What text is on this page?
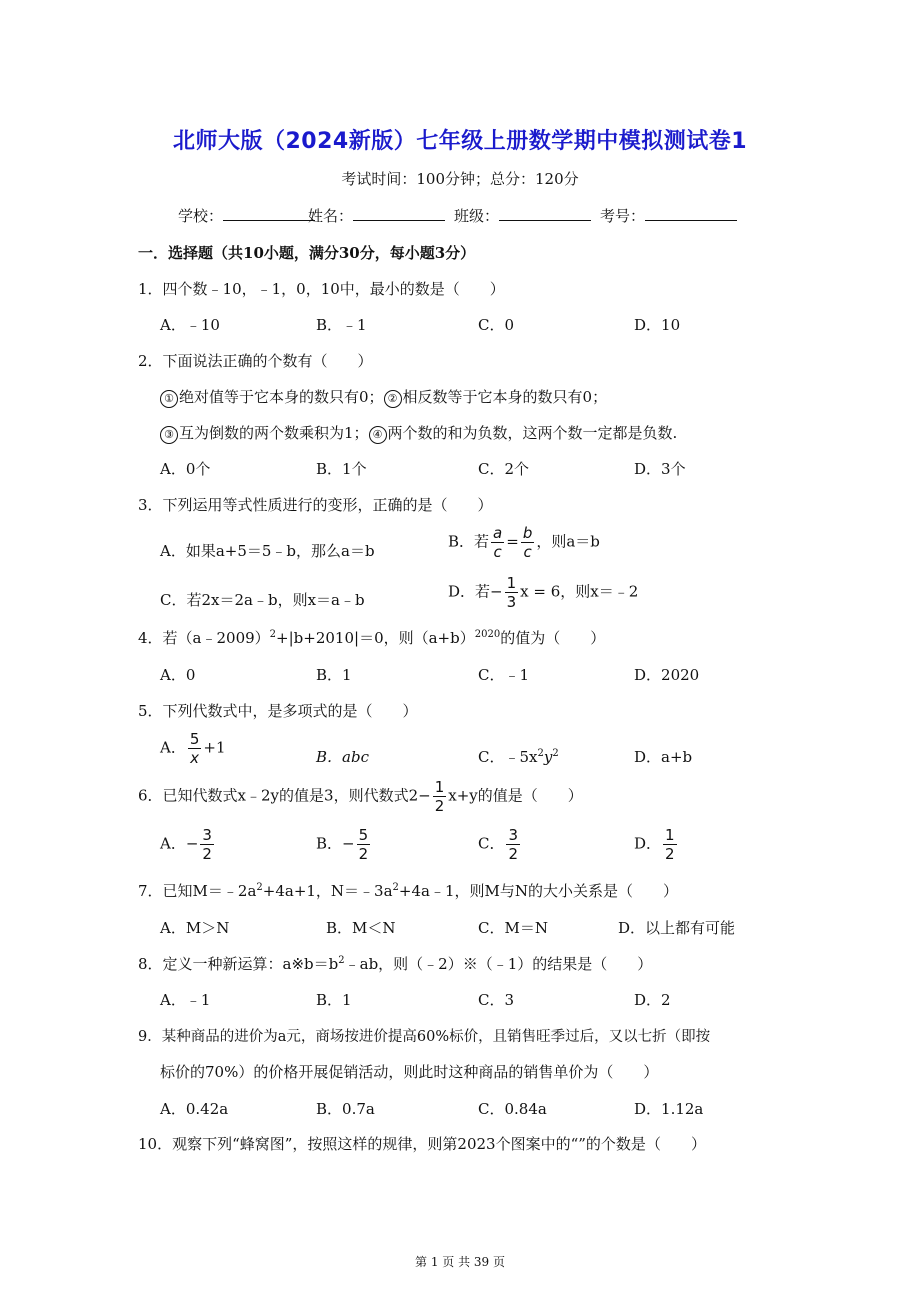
北师大版（2024新版）七年级上册数学期中模拟测试卷1
考试时间：100分钟；总分：120分
学校：	姓名：	班级：	考号：
一．选择题（共10小题，满分30分，每小题3分）
1．四个数﹣10，﹣1，0，10中，最小的数是（　　）
A．﹣10	B．﹣1	C．0	D．10
2．下面说法正确的个数有（　　）
① 绝对值等于它本身的数只有0； ② 相反数等于它本身的数只有0；
③ 互为倒数的两个数乘积为1； ④ 两个数的和为负数，这两个数一定都是负数.
A．0个	B．1个	C．2个	D．3个
3．下列运用等式性质进行的变形，正确的是（　　）
A．如果a+5＝5﹣b，那么a＝b
B．若 $\frac{a}{c} = \frac{b}{c}$ ，则a＝b
C．若2x＝2a﹣b，则x＝a﹣b	D．若− $\frac{1}{3}$ x = 6，则x＝﹣2
4．若（a﹣2009）$^2$+|b+2010|＝0，则$(a+b)^{2020}$的值为（　　）
A．0	B．1	C．﹣1	D．2020
5．下列代数式中，是多项式的是（　　）
A． $\frac{5}{x} +1$
B．abc	C．$﹣5x^2y^2$	D．a+b
6．已知代数式x﹣2y的值是3，则代数式$2- \frac{1}{2} x+y$的值是（　　）
A．− $\frac{3}{2}$	B．− $\frac{5}{2}$	C． $\frac{3}{2}$	D． $\frac{1}{2}$
7．已知$M=﹣2a^2+4a+1$，$N=﹣3a^2+4a﹣1$，则M与N的大小关系是（　　）
A．M＞N	B．M＜N	C．M＝N	D．以上都有可能
8．定义一种新运算：$a※b=b^2﹣ab$，则（﹣2）※（﹣1）的结果是（　　）
A．﹣1	B．1	C．3	D．2
9．某种商品的进价为a元，商场按进价提高60%标价，且销售旺季过后，又以七折（即按
标价的70%）的价格开展促销活动，则此时这种商品的销售单价为（　　）
A．0.42a	B．0.7a	C．0.84a	D．1.12a
10．观察下列“蜂窝图”，按照这样的规律，则第2023个图案中的“”的个数是（　　）
第 1 页 共 39 页
